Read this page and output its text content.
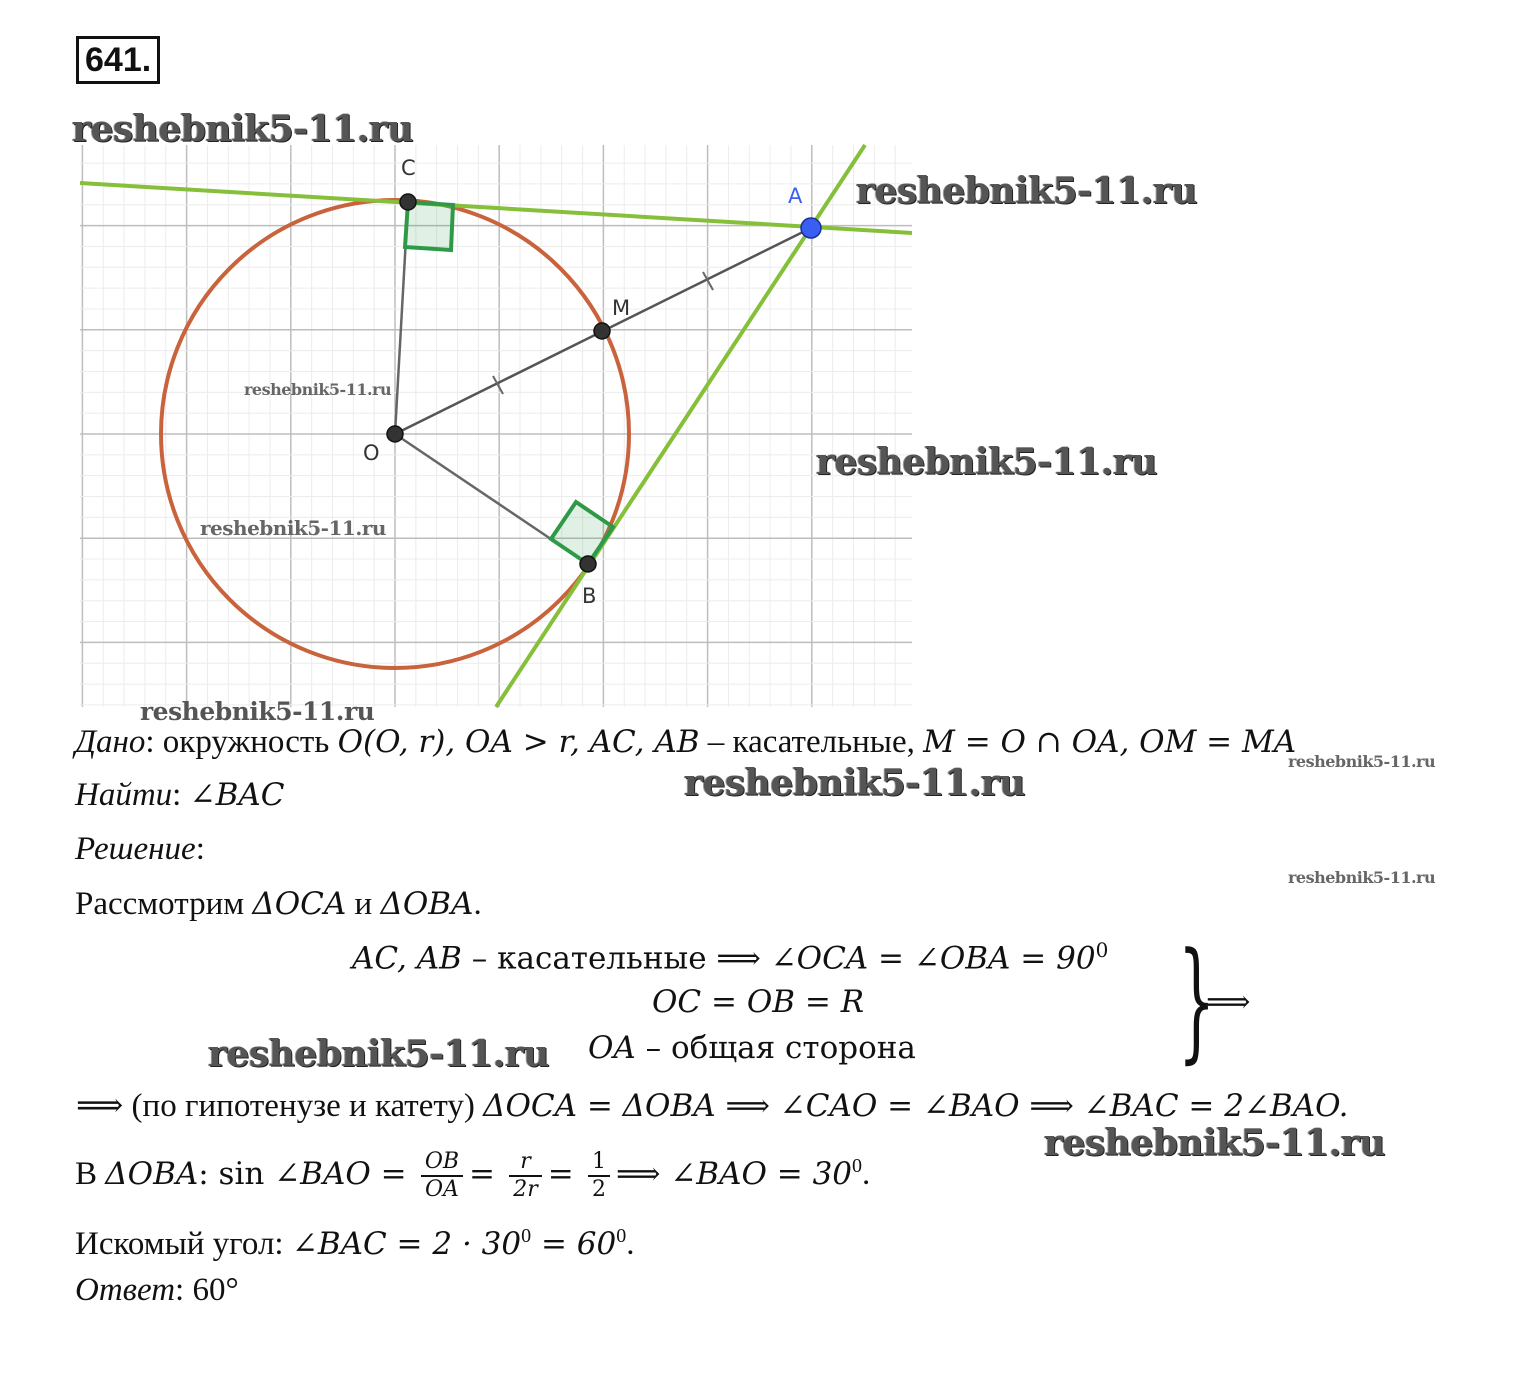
641.
C
A
M
O
B
reshebnik5-11.ru
reshebnik5-11.ru
reshebnik5-11.ru
reshebnik5-11.ru
reshebnik5-11.ru
reshebnik5-11.ru
reshebnik5-11.ru
reshebnik5-11.ru
reshebnik5-11.ru
reshebnik5-11.ru
reshebnik5-11.ru
Дано: окружность O(O, r), OA > r, AC, AB – касательные, M = O ∩ OA, OM = MA
Найти: ∠BAC
Решение:
Рассмотрим ΔOCA и ΔOBA.
AC, AB – касательные ⟹ ∠OCA = ∠OBA = $90^0$
OC = OB = R
OA – общая сторона }
⟹
⟹ (по гипотенузе и катету) ΔOCA = ΔOBA ⟹ ∠CAO = ∠BAO ⟹ ∠BAC = 2∠BAO.
В ΔOBA: sin ∠BAO = $\frac{OB}{OA} = \frac{r}{2r} = \frac{1}{2}$ ⟹ ∠BAO = $30^0$.
Искомый угол: ∠BAC = $2 \cdot 30^0 = 60^0$.
Ответ: 60°
